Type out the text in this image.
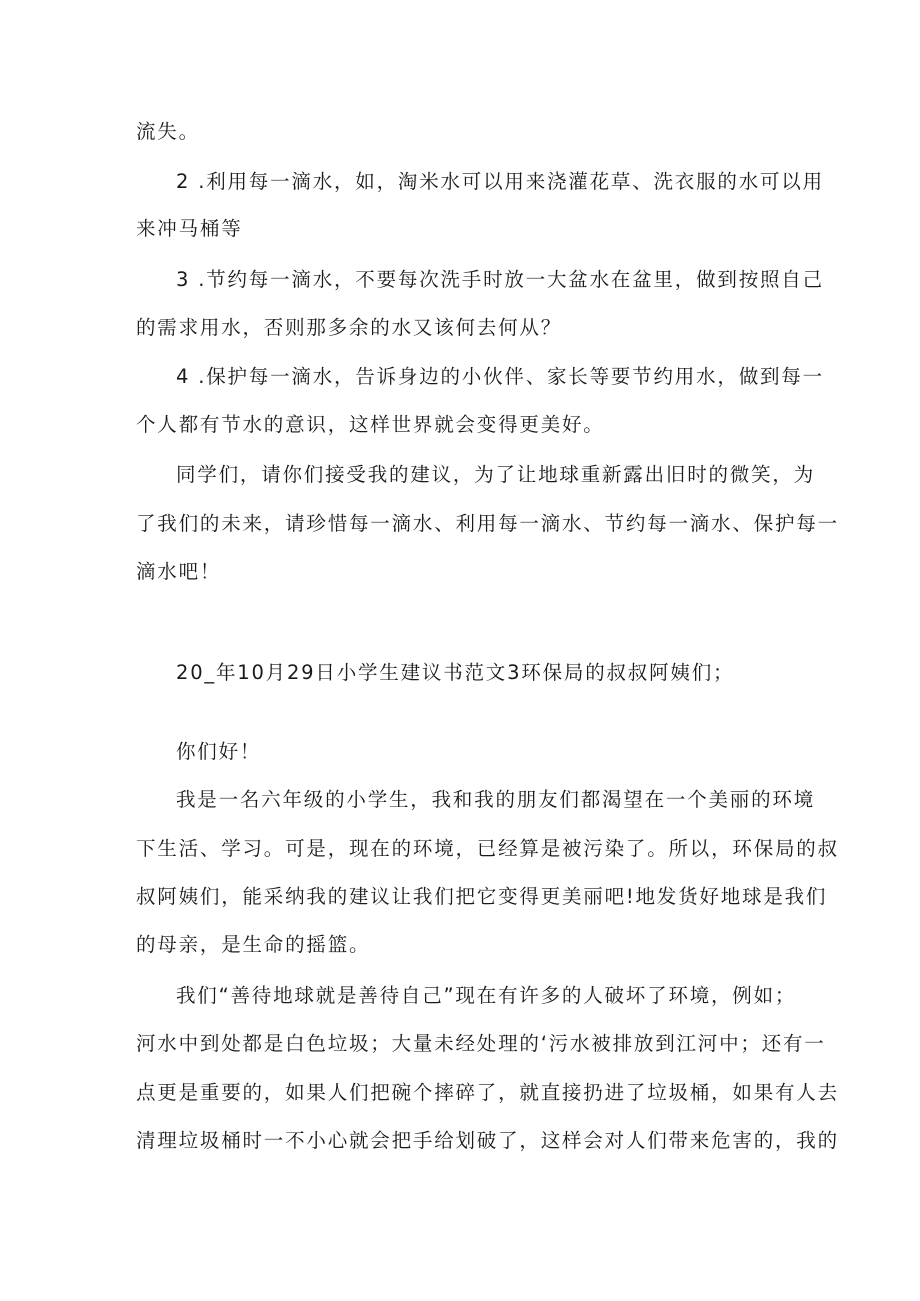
流失。
2 .利用每一滴水，如，淘米水可以用来浇灌花草、洗衣服的水可以用
来冲马桶等
3 .节约每一滴水，不要每次洗手时放一大盆水在盆里，做到按照自己
的需求用水，否则那多余的水又该何去何从？
4 .保护每一滴水，告诉身边的小伙伴、家长等要节约用水，做到每一
个人都有节水的意识，这样世界就会变得更美好。
同学们，请你们接受我的建议，为了让地球重新露出旧时的微笑，为
了我们的未来，请珍惜每一滴水、利用每一滴水、节约每一滴水、保护每一
滴水吧！
20_年10月29日小学生建议书范文3环保局的叔叔阿姨们；
你们好！
我是一名六年级的小学生，我和我的朋友们都渴望在一个美丽的环境
下生活、学习。可是，现在的环境，已经算是被污染了。所以，环保局的叔
叔阿姨们，能采纳我的建议让我们把它变得更美丽吧!地发货好地球是我们
的母亲，是生命的摇篮。
我们“善待地球就是善待自己”现在有许多的人破坏了环境，例如；
河水中到处都是白色垃圾；大量未经处理的‘污水被排放到江河中；还有一
点更是重要的，如果人们把碗个摔碎了，就直接扔进了垃圾桶，如果有人去
清理垃圾桶时一不小心就会把手给划破了，这样会对人们带来危害的，我的
